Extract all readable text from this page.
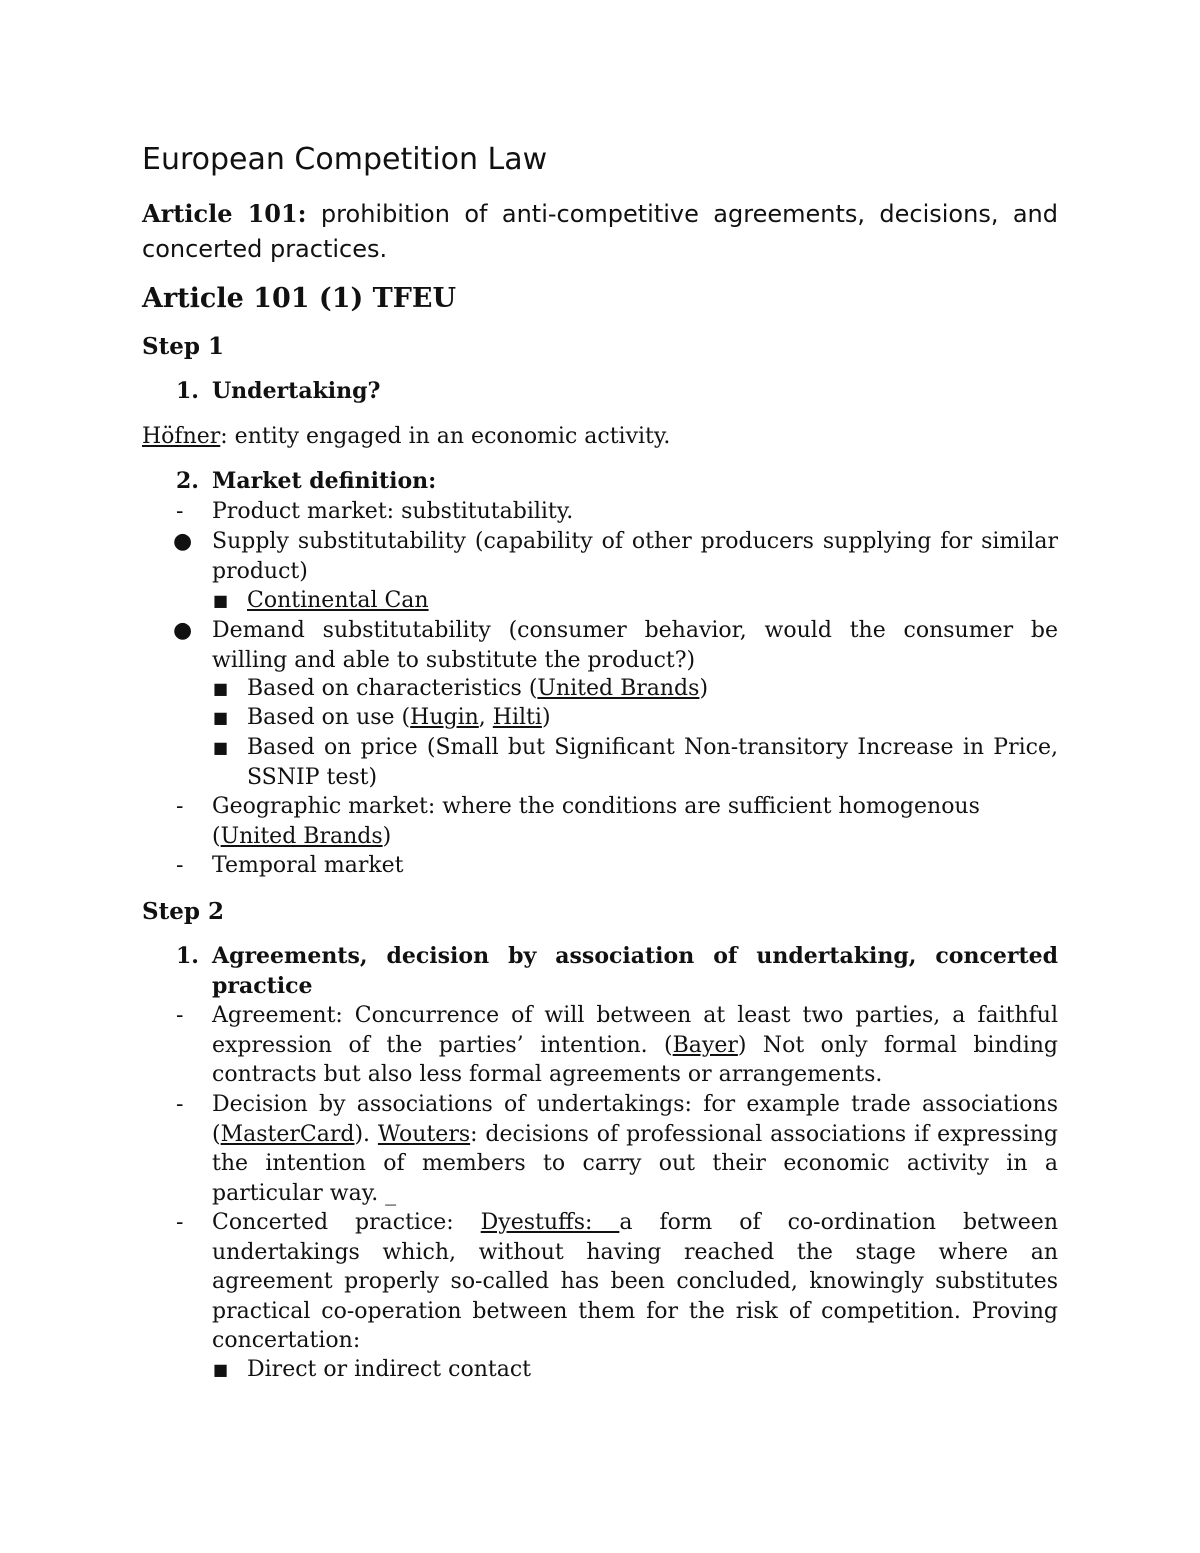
European Competition Law
Article 101: prohibition of anti-competitive agreements, decisions, and concerted practices.
Article 101 (1) TFEU
Step 1
1. Undertaking?
Höfner: entity engaged in an economic activity.
2. Market definition:
- Product market: substitutability.
● Supply substitutability (capability of other producers supplying for similar product)
■ Continental Can
● Demand substitutability (consumer behavior, would the consumer be willing and able to substitute the product?)
■ Based on characteristics (United Brands)
■ Based on use (Hugin, Hilti)
■ Based on price (Small but Significant Non-transitory Increase in Price, SSNIP test)
- Geographic market: where the conditions are sufficient homogenous
(United Brands)
- Temporal market
Step 2
1. Agreements, decision by association of undertaking, concerted practice
- Agreement: Concurrence of will between at least two parties, a faithful expression of the parties’ intention. (Bayer) Not only formal binding contracts but also less formal agreements or arrangements.
- Decision by associations of undertakings: for example trade associations (MasterCard). Wouters: decisions of professional associations if expressing the intention of members to carry out their economic activity in a particular way. _
- Concerted practice: Dyestuffs: a form of co-ordination between undertakings which, without having reached the stage where an agreement properly so-called has been concluded, knowingly substitutes practical co-operation between them for the risk of competition. Proving concertation:
■ Direct or indirect contact
